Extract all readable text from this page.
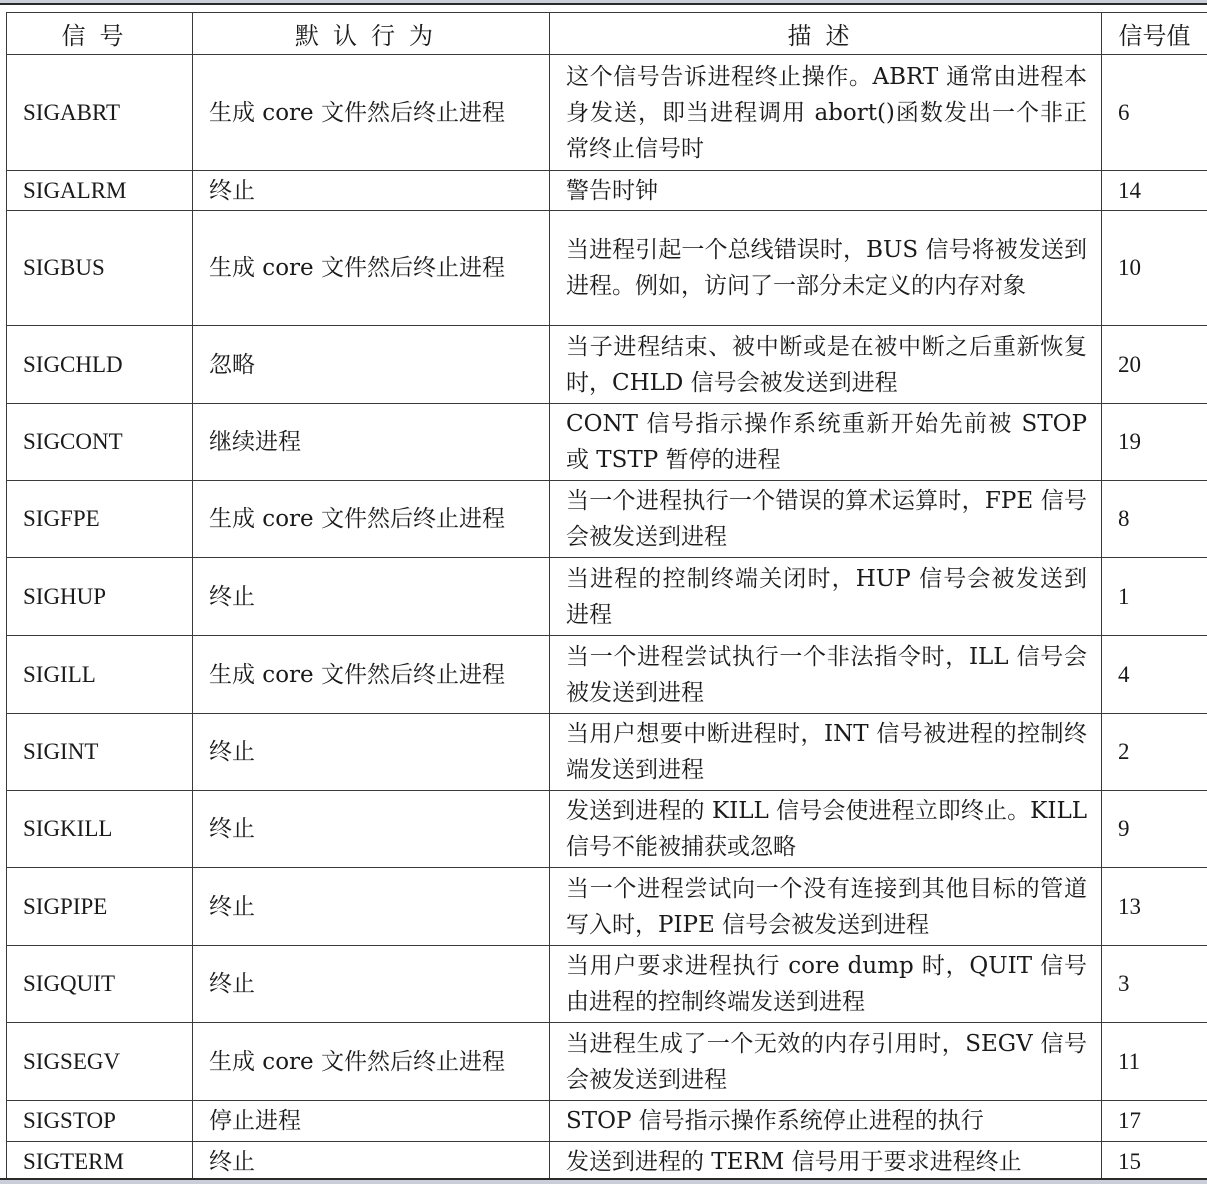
信号	默认行为	描述	信号值
SIGABRT	生成 core 文件然后终止进程	这个信号告诉进程终止操作。ABRT 通常由进程本身发送，即当进程调用 abort()函数发出一个非正常终止信号时	6
SIGALRM	终止	警告时钟	14
SIGBUS	生成 core 文件然后终止进程	当进程引起一个总线错误时，BUS 信号将被发送到进程。例如，访问了一部分未定义的内存对象	10
SIGCHLD	忽略	当子进程结束、被中断或是在被中断之后重新恢复时，CHLD 信号会被发送到进程	20
SIGCONT	继续进程	CONT 信号指示操作系统重新开始先前被 STOP 或 TSTP 暂停的进程	19
SIGFPE	生成 core 文件然后终止进程	当一个进程执行一个错误的算术运算时，FPE 信号会被发送到进程	8
SIGHUP	终止	当进程的控制终端关闭时，HUP 信号会被发送到进程	1
SIGILL	生成 core 文件然后终止进程	当一个进程尝试执行一个非法指令时，ILL 信号会被发送到进程	4
SIGINT	终止	当用户想要中断进程时，INT 信号被进程的控制终端发送到进程	2
SIGKILL	终止	发送到进程的 KILL 信号会使进程立即终止。KILL 信号不能被捕获或忽略	9
SIGPIPE	终止	当一个进程尝试向一个没有连接到其他目标的管道写入时，PIPE 信号会被发送到进程	13
SIGQUIT	终止	当用户要求进程执行 core dump 时，QUIT 信号由进程的控制终端发送到进程	3
SIGSEGV	生成 core 文件然后终止进程	当进程生成了一个无效的内存引用时，SEGV 信号会被发送到进程	11
SIGSTOP	停止进程	STOP 信号指示操作系统停止进程的执行	17
SIGTERM	终止	发送到进程的 TERM 信号用于要求进程终止	15
